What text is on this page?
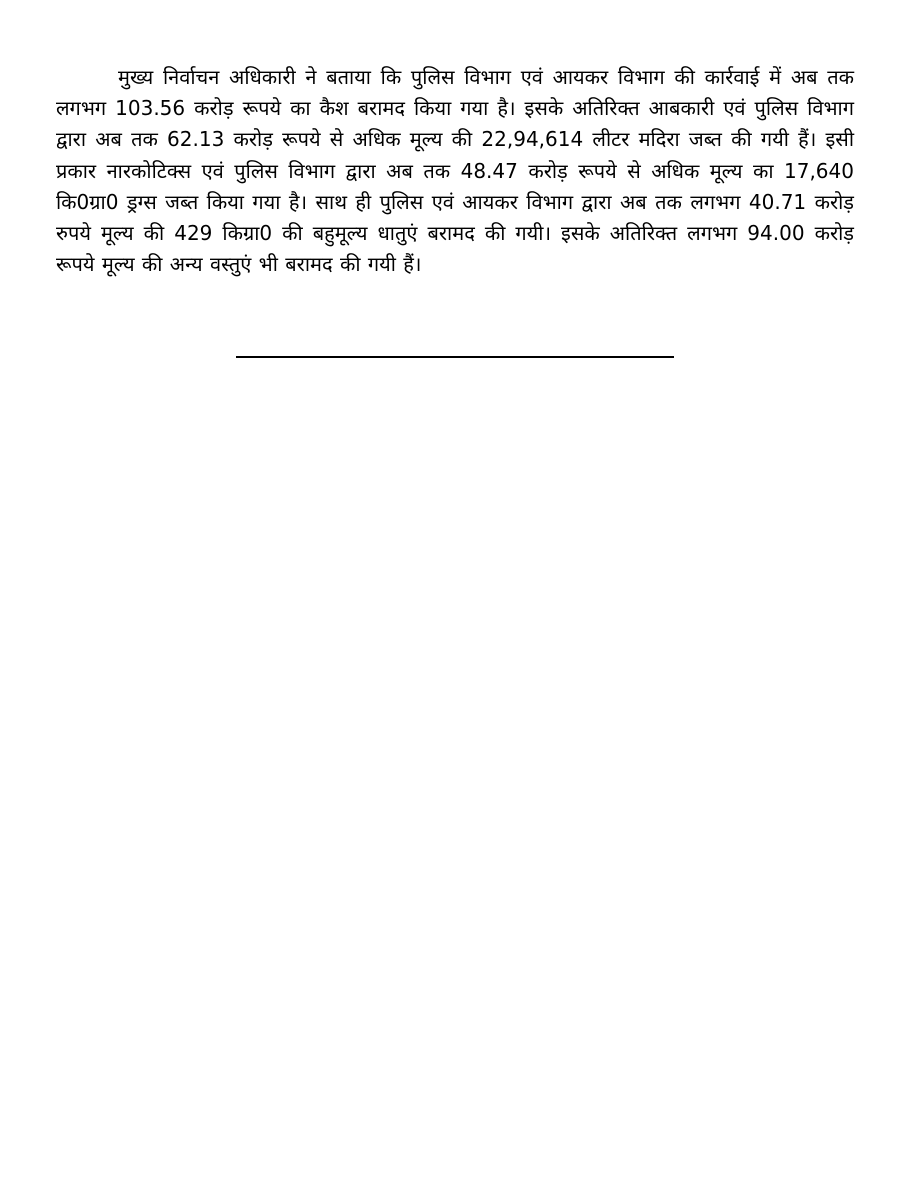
मुख्य निर्वाचन अधिकारी ने बताया कि पुलिस विभाग एवं आयकर विभाग की कार्रवाई में अब तक लगभग 103.56 करोड़ रूपये का कैश बरामद किया गया है। इसके अतिरिक्त आबकारी एवं पुलिस विभाग द्वारा अब तक 62.13 करोड़ रूपये से अधिक मूल्य की 22,94,614 लीटर मदिरा जब्त की गयी हैं। इसी प्रकार नारकोटिक्स एवं पुलिस विभाग द्वारा अब तक 48.47 करोड़ रूपये से अधिक मूल्य का 17,640 कि0ग्रा0 ड्रग्स जब्त किया गया है। साथ ही पुलिस एवं आयकर विभाग द्वारा अब तक लगभग 40.71 करोड़ रुपये मूल्य की 429 किग्रा0 की बहुमूल्य धातुएं बरामद की गयी। इसके अतिरिक्त लगभग 94.00 करोड़ रूपये मूल्य की अन्य वस्तुएं भी बरामद की गयी हैं।
